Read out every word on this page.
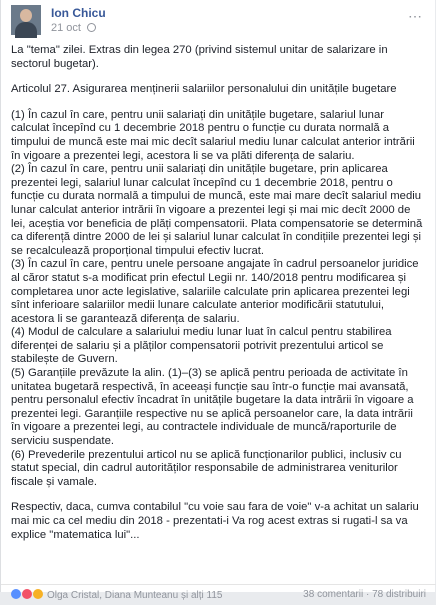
Ion Chicu
21 oct
⋯

La "tema" zilei. Extras din legea 270 (privind sistemul unitar de salarizare in sectorul bugetar).

Articolul 27. Asigurarea menținerii salariilor personalului din unitățile bugetare

(1) În cazul în care, pentru unii salariați din unitățile bugetare, salariul lunar calculat începînd cu 1 decembrie 2018 pentru o funcție cu durata normală a timpului de muncă este mai mic decît salariul mediu lunar calculat anterior intrării în vigoare a prezentei legi, acestora li se va plăti diferența de salariu.

(2) În cazul în care, pentru unii salariați din unitățile bugetare, prin aplicarea prezentei legi, salariul lunar calculat începînd cu 1 decembrie 2018, pentru o funcție cu durata normală a timpului de muncă, este mai mare decît salariul mediu lunar calculat anterior intrării în vigoare a prezentei legi și mai mic decît 2000 de lei, aceștia vor beneficia de plăți compensatorii. Plata compensatorie se determină ca diferență dintre 2000 de lei și salariul lunar calculat în condițiile prezentei legi și se recalculează proporțional timpului efectiv lucrat.

(3) În cazul în care, pentru unele persoane angajate în cadrul persoanelor juridice al căror statut s-a modificat prin efectul Legii nr. 140/2018 pentru modificarea și completarea unor acte legislative, salariile calculate prin aplicarea prezentei legi sînt inferioare salariilor medii lunare calculate anterior modificării statutului, acestora li se garantează diferența de salariu.

(4) Modul de calculare a salariului mediu lunar luat în calcul pentru stabilirea diferenței de salariu și a plăților compensatorii potrivit prezentului articol se stabilește de Guvern.

(5) Garanțiile prevăzute la alin. (1)–(3) se aplică pentru perioada de activitate în unitatea bugetară respectivă, în aceeași funcție sau într-o funcție mai avansată, pentru personalul efectiv încadrat în unitățile bugetare la data intrării în vigoare a prezentei legi. Garanțiile respective nu se aplică persoanelor care, la data intrării în vigoare a prezentei legi, au contractele individuale de muncă/raporturile de serviciu suspendate.

(6) Prevederile prezentului articol nu se aplică funcționarilor publici, inclusiv cu statut special, din cadrul autorităților responsabile de administrarea veniturilor fiscale și vamale.

Respectiv, daca, cumva contabilul "cu voie sau fara de voie" v-a achitat un salariu mai mic ca cel mediu din 2018 - prezentati-i Va rog acest extras si rugati-l sa va explice "matematica lui"...

Olga Cristal, Diana Munteanu și alți 115	38 comentarii · 78 distribuiri
